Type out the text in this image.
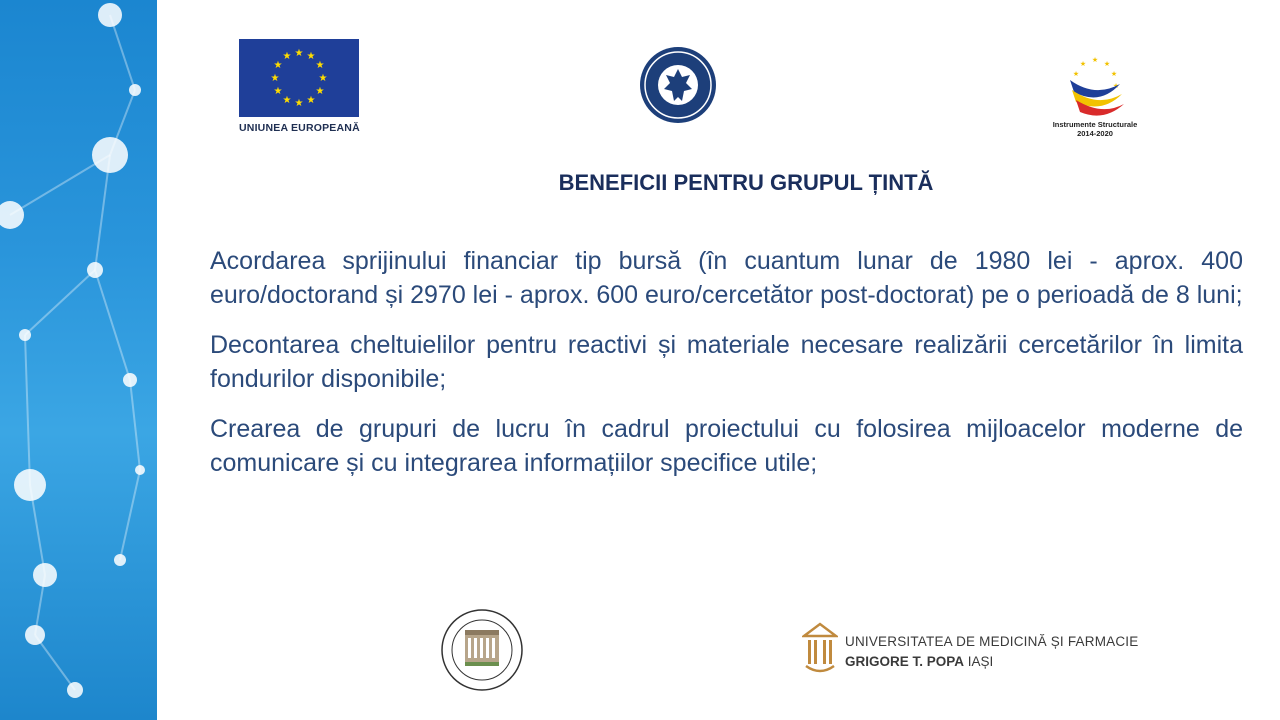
★ ★
★
★
★
★
★
★
★
★
★
★
UNIUNEA EUROPEANĂ
★ ★
★
★
★
★
Instrumente Structurale
2014-2020
BENEFICII PENTRU GRUPUL ȚINTĂ

Acordarea sprijinului financiar tip bursă (în cuantum lunar de 1980 lei - aprox. 400 euro/doctorand și 2970 lei - aprox. 600 euro/cercetător post-doctorat) pe o perioadă de 8 luni;

Decontarea cheltuielilor pentru reactivi și materiale necesare realizării cercetărilor în limita fondurilor disponibile;

Crearea de grupuri de lucru în cadrul proiectului cu folosirea mijloacelor moderne de comunicare și cu integrarea informațiilor specifice utile;

UNIVERSITATEA DE MEDICINĂ ȘI FARMACIE
GRIGORE T. POPA IAȘI
